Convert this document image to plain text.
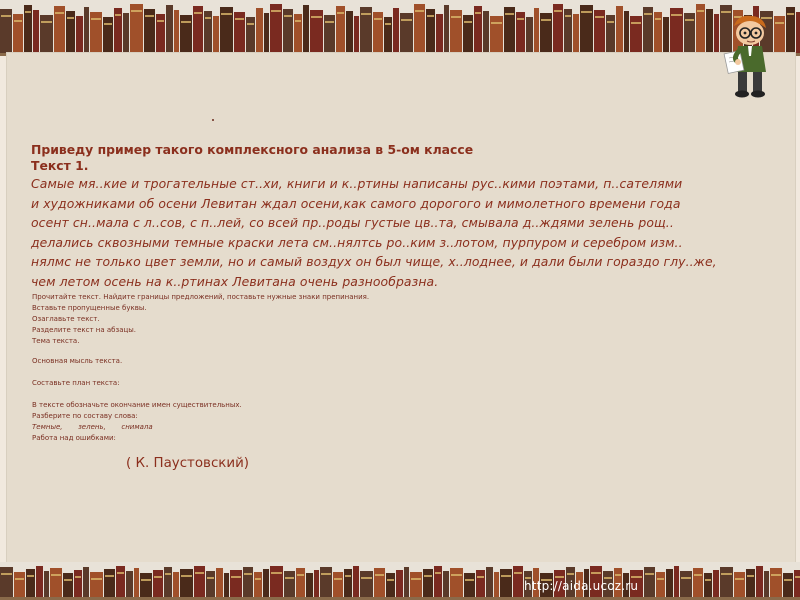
Приведу пример такого комплексного анализа в 5-ом классе
Текст 1.
Самые мя..кие и трогательные ст..хи, книги и к..ртины написаны рус..кими поэтами, п..сателями
и художниками об осени Левитан ждал осени,как самого дорогого и мимолетного времени года
осент сн..мала с л..сов, с п..лей, со всей пр..роды густые цв..та, смывала д..ждями зелень рощ..
делались сквозными темные краски лета см..нялтсь ро..ким з..лотом, пурпуром и серебром изм..
нялмс не только цвет земли, но и самый воздух он был чище, х..лоднее, и дали были гораздо глу..же,
чем летом осень на к..ртинах Левитана очень разнообразна.
Прочитайте текст. Найдите границы предложений, поставьте нужные знаки препинания.
Вставьте пропущенные буквы.
Озаглавьте текст.
Разделите текст на абзацы.
Тема текста.
Основная мысль текста.
Составьте план текста:
В тексте обозначьте окончание имен существительных.
Разберите по составу слова:
Темные,       зелень,       снимала
Работа над ошибками:
( К. Паустовский)
http://aida.ucoz.ru
